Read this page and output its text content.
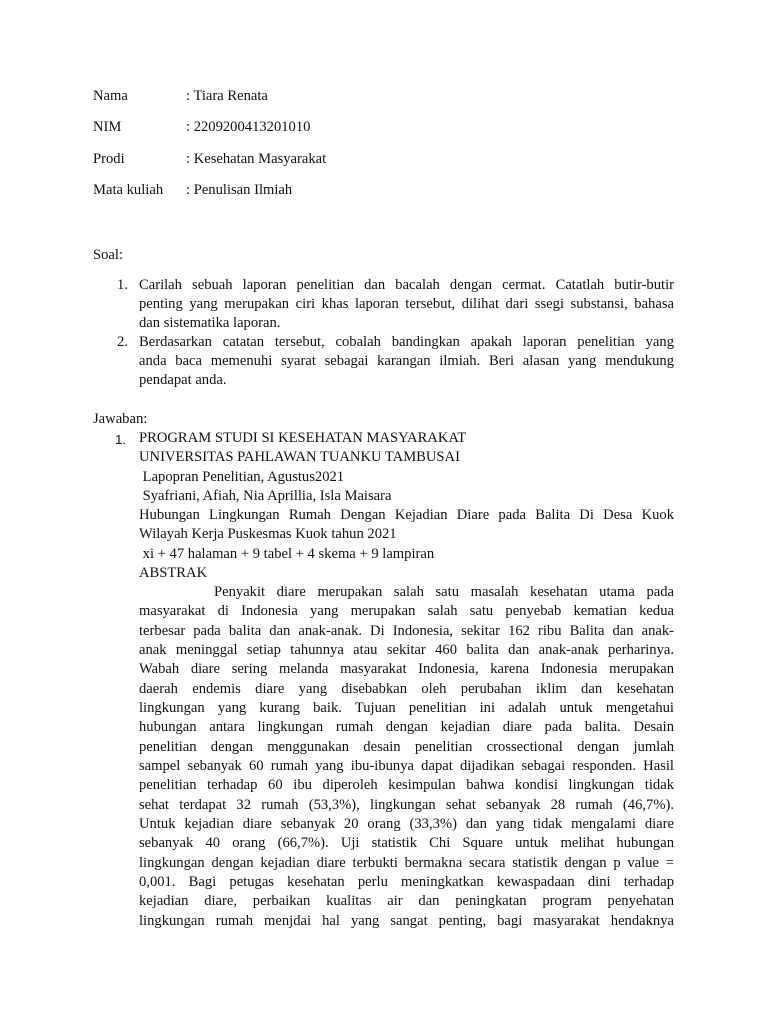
Nama	: Tiara Renata
NIM	: 2209200413201010
Prodi	: Kesehatan Masyarakat
Mata kuliah : Penulisan Ilmiah
Soal:
1. Carilah sebuah laporan penelitian dan bacalah dengan cermat. Catatlah butir-butir
penting yang merupakan ciri khas laporan tersebut, dilihat dari ssegi substansi, bahasa
dan sistematika laporan.
2. Berdasarkan catatan tersebut, cobalah bandingkan apakah laporan penelitian yang
anda baca memenuhi syarat sebagai karangan ilmiah. Beri alasan yang mendukung
pendapat anda.
Jawaban:
1. PROGRAM STUDI SI KESEHATAN MASYARAKAT
UNIVERSITAS PAHLAWAN TUANKU TAMBUSAI
Lapopran Penelitian, Agustus2021
Syafriani, Afiah, Nia Aprillia, Isla Maisara
Hubungan Lingkungan Rumah Dengan Kejadian Diare pada Balita Di Desa Kuok
Wilayah Kerja Puskesmas Kuok tahun 2021
xi + 47 halaman + 9 tabel + 4 skema + 9 lampiran
ABSTRAK
Penyakit diare merupakan salah satu masalah kesehatan utama pada
masyarakat di Indonesia yang merupakan salah satu penyebab kematian kedua
terbesar pada balita dan anak-anak. Di Indonesia, sekitar 162 ribu Balita dan anak-
anak meninggal setiap tahunnya atau sekitar 460 balita dan anak-anak perharinya.
Wabah diare sering melanda masyarakat Indonesia, karena Indonesia merupakan
daerah endemis diare yang disebabkan oleh perubahan iklim dan kesehatan
lingkungan yang kurang baik. Tujuan penelitian ini adalah untuk mengetahui
hubungan antara lingkungan rumah dengan kejadian diare pada balita. Desain
penelitian dengan menggunakan desain penelitian crossectional dengan jumlah
sampel sebanyak 60 rumah yang ibu-ibunya dapat dijadikan sebagai responden. Hasil
penelitian terhadap 60 ibu diperoleh kesimpulan bahwa kondisi lingkungan tidak
sehat terdapat 32 rumah (53,3%), lingkungan sehat sebanyak 28 rumah (46,7%).
Untuk kejadian diare sebanyak 20 orang (33,3%) dan yang tidak mengalami diare
sebanyak 40 orang (66,7%). Uji statistik Chi Square untuk melihat hubungan
lingkungan dengan kejadian diare terbukti bermakna secara statistik dengan p value =
0,001. Bagi petugas kesehatan perlu meningkatkan kewaspadaan dini terhadap
kejadian diare, perbaikan kualitas air dan peningkatan program penyehatan
lingkungan rumah menjdai hal yang sangat penting, bagi masyarakat hendaknya
